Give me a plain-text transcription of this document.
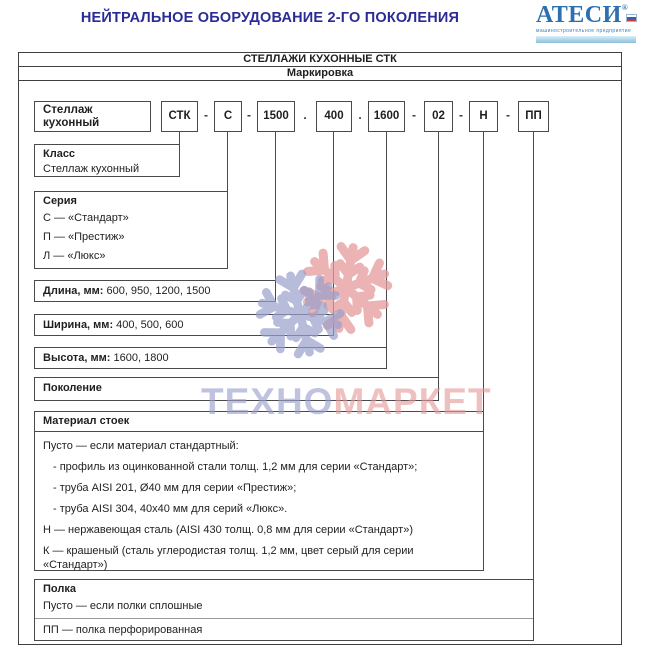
НЕЙТРАЛЬНОЕ ОБОРУДОВАНИЕ 2-ГО ПОКОЛЕНИЯ	АТЕСИ®
машиностроительное предприятие
СТЕЛЛАЖИ КУХОННЫЕ СТК
Маркировка
Стеллаж кухонный
СТК	-	С	-	1500	.	400	.	1600	-	02	-	Н	-	ПП
Класс
Стеллаж кухонный
Серия
С — «Стандарт»
П — «Престиж»
Л — «Люкс»
Длина, мм: 600, 950, 1200, 1500
Ширина, мм: 400, 500, 600
Высота, мм: 1600, 1800
Поколение
Материал стоек
Пусто — если материал стандартный:
- профиль из оцинкованной стали толщ. 1,2 мм для серии «Стандарт»;
- труба AISI 201, Ø40 мм для серии «Престиж»;
- труба AISI 304, 40х40 мм для серий «Люкс».
Н — нержавеющая сталь (AISI 430 толщ. 0,8 мм для серии «Стандарт»)
К — крашеный (сталь углеродистая толщ. 1,2 мм, цвет серый для серии «Стандарт»)
Полка
Пусто — если полки сплошные
ПП — полка перфорированная
ТЕХНОМАРКЕТ
